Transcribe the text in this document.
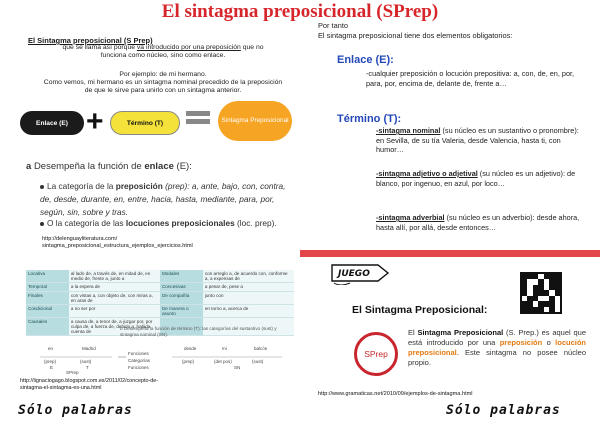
El sintagma preposicional (SPrep)
El Sintagma preposicional (S Prep)
que se llama así porque va introducido por una preposición que no
funciona como núcleo, sino como enlace.
Por ejemplo: de mi hermano.
Como vemos, mi hermano es un sintagma nominal precedido de la preposición
de que le sirve para unirlo con un sintagma anterior.
Enlace (E) +	Término (T)	Sintagma Preposicional
a Desempeña la función de enlace (E):
La categoría de la preposición (prep): a, ante, bajo, con, contra, de, desde, durante, en, entre, hacia, hasta, mediante, para, por, según, sin, sobre y tras.
O la categoría de las locuciones preposicionales (loc. prep).
http://delenguayliteratura.com/
sintagma_preposicional_estructura_ejemplos_ejercicios.html
Locativa	al lado de, a través de, en mitad de, en medio de, frente a, junto a	Modales	con arreglo a, de acuerdo con, conforme a, a expensas de
Temporal	a la espera de	Concesivas	a pesar de, pese a
Finales	con vistas a, con objeto de, con miras a, en aras de	De compañía	junto con
Condicional	a no ser por	De manera o asunto	en torno a, acerca de
Causales	a causa de, a tenor de, a juzgar por, por culpa de, a fuerza de, debido a, habida cuenta de		
b Desempeña la función de término (T): las categorías del sustantivo (sust) y sintagma nominal (SN).
en	Madrid	desde	mi	balcón
(prep)	(sust)	(prep)	(det pos)	(sust)
E	T	SN
SPrep
Funciones
Categorías
Funciones
http://lignaciogago.blogspot.com.es/2011/02/concepto-de-
sintagma-el-sintagma-es-una.html
Sólo palabras
Por tanto
El sintagma preposicional tiene dos elementos obligatorios:
Enlace (E):
-cualquier preposición o locución prepositiva: a, con, de, en, por, para, por, encima de, delante de, frente a…
Término (T):
-sintagma nominal (su núcleo es un sustantivo o pronombre): en Sevilla, de su tía Valeria, desde Valencia, hasta ti, con humor…
-sintagma adjetivo o adjetival (su núcleo es un adjetivo): de blanco, por ingenuo, en azul, por loco…
-sintagma adverbial (su núcleo es un adverbio): desde ahora, hasta allí, por allá, desde entonces…
JUEGO
El Sintagma Preposicional:
SPrep
El Sintagma Preposicional (S. Prep.) es aquel que está introducido por una preposición o locución preposicional. Este sintagma no posee núcleo propio.
http://www.gramaticas.net/2010/09/ejemplos-de-sintagma.html
Sólo palabras
